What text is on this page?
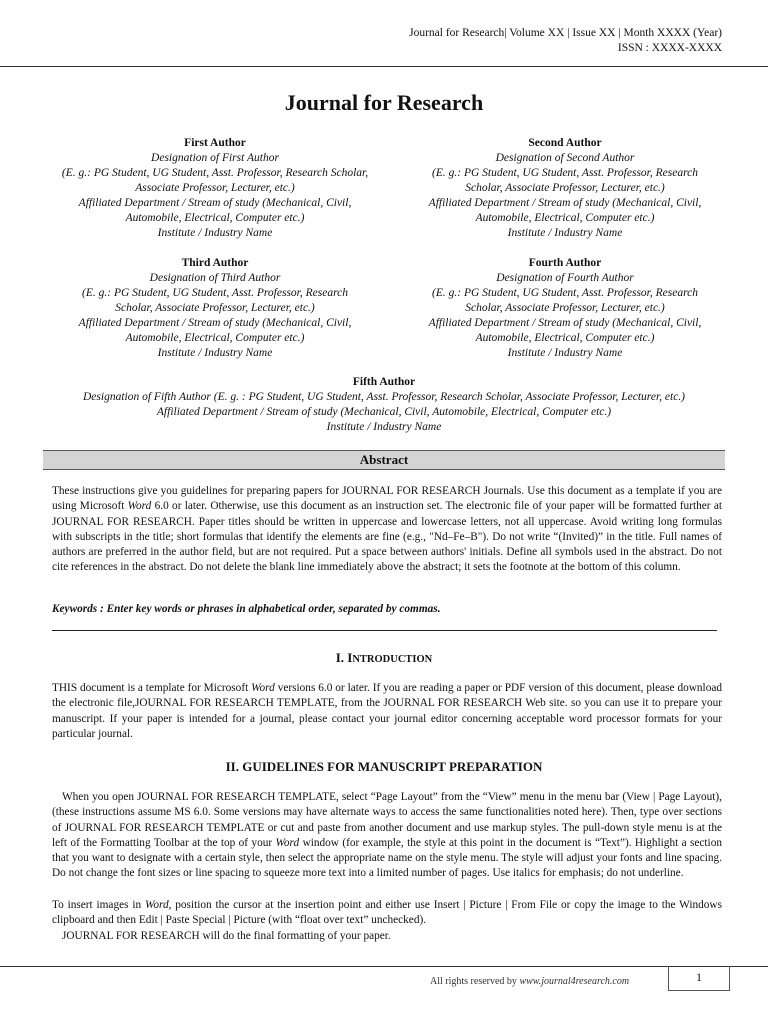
Journal for Research| Volume XX | Issue XX | Month XXXX (Year)
ISSN : XXXX-XXXX
Journal for Research
First Author
Designation of First Author
(E. g.: PG Student, UG Student, Asst. Professor, Research Scholar,
Associate Professor, Lecturer, etc.)
Affiliated Department / Stream of study (Mechanical, Civil,
Automobile, Electrical, Computer etc.)
Institute / Industry Name
Second Author
Designation of Second Author
(E. g.: PG Student, UG Student, Asst. Professor, Research
Scholar, Associate Professor, Lecturer, etc.)
Affiliated Department / Stream of study (Mechanical, Civil,
Automobile, Electrical, Computer etc.)
Institute / Industry Name
Third Author
Designation of Third Author
(E. g.: PG Student, UG Student, Asst. Professor, Research
Scholar, Associate Professor, Lecturer, etc.)
Affiliated Department / Stream of study (Mechanical, Civil,
Automobile, Electrical, Computer etc.)
Institute / Industry Name
Fourth Author
Designation of Fourth Author
(E. g.: PG Student, UG Student, Asst. Professor, Research
Scholar, Associate Professor, Lecturer, etc.)
Affiliated Department / Stream of study (Mechanical, Civil,
Automobile, Electrical, Computer etc.)
Institute / Industry Name
Fifth Author
Designation of Fifth Author (E. g. : PG Student, UG Student, Asst. Professor, Research Scholar, Associate Professor, Lecturer, etc.)
Affiliated Department / Stream of study (Mechanical, Civil, Automobile, Electrical, Computer etc.)
Institute / Industry Name
Abstract
These instructions give you guidelines for preparing papers for JOURNAL FOR RESEARCH Journals. Use this document as a template if you are using Microsoft Word 6.0 or later. Otherwise, use this document as an instruction set. The electronic file of your paper will be formatted further at JOURNAL FOR RESEARCH. Paper titles should be written in uppercase and lowercase letters, not all uppercase. Avoid writing long formulas with subscripts in the title; short formulas that identify the elements are fine (e.g., "Nd–Fe–B"). Do not write “(Invited)” in the title. Full names of authors are preferred in the author field, but are not required. Put a space between authors' initials. Define all symbols used in the abstract. Do not cite references in the abstract. Do not delete the blank line immediately above the abstract; it sets the footnote at the bottom of this column.
Keywords : Enter key words or phrases in alphabetical order, separated by commas.
I. INTRODUCTION
THIS document is a template for Microsoft Word versions 6.0 or later. If you are reading a paper or PDF version of this document, please download the electronic file,JOURNAL FOR RESEARCH TEMPLATE, from the JOURNAL FOR RESEARCH Web site. so you can use it to prepare your manuscript. If your paper is intended for a journal, please contact your journal editor concerning acceptable word processor formats for your particular journal.
II. GUIDELINES FOR MANUSCRIPT PREPARATION
When you open JOURNAL FOR RESEARCH TEMPLATE, select “Page Layout” from the “View” menu in the menu bar (View | Page Layout), (these instructions assume MS 6.0. Some versions may have alternate ways to access the same functionalities noted here). Then, type over sections of JOURNAL FOR RESEARCH TEMPLATE or cut and paste from another document and use markup styles. The pull-down style menu is at the left of the Formatting Toolbar at the top of your Word window (for example, the style at this point in the document is “Text”). Highlight a section that you want to designate with a certain style, then select the appropriate name on the style menu. The style will adjust your fonts and line spacing. Do not change the font sizes or line spacing to squeeze more text into a limited number of pages. Use italics for emphasis; do not underline.
To insert images in Word, position the cursor at the insertion point and either use Insert | Picture | From File or copy the image to the Windows clipboard and then Edit | Paste Special | Picture (with “float over text” unchecked).
JOURNAL FOR RESEARCH will do the final formatting of your paper.
All rights reserved by www.journal4research.com	1
